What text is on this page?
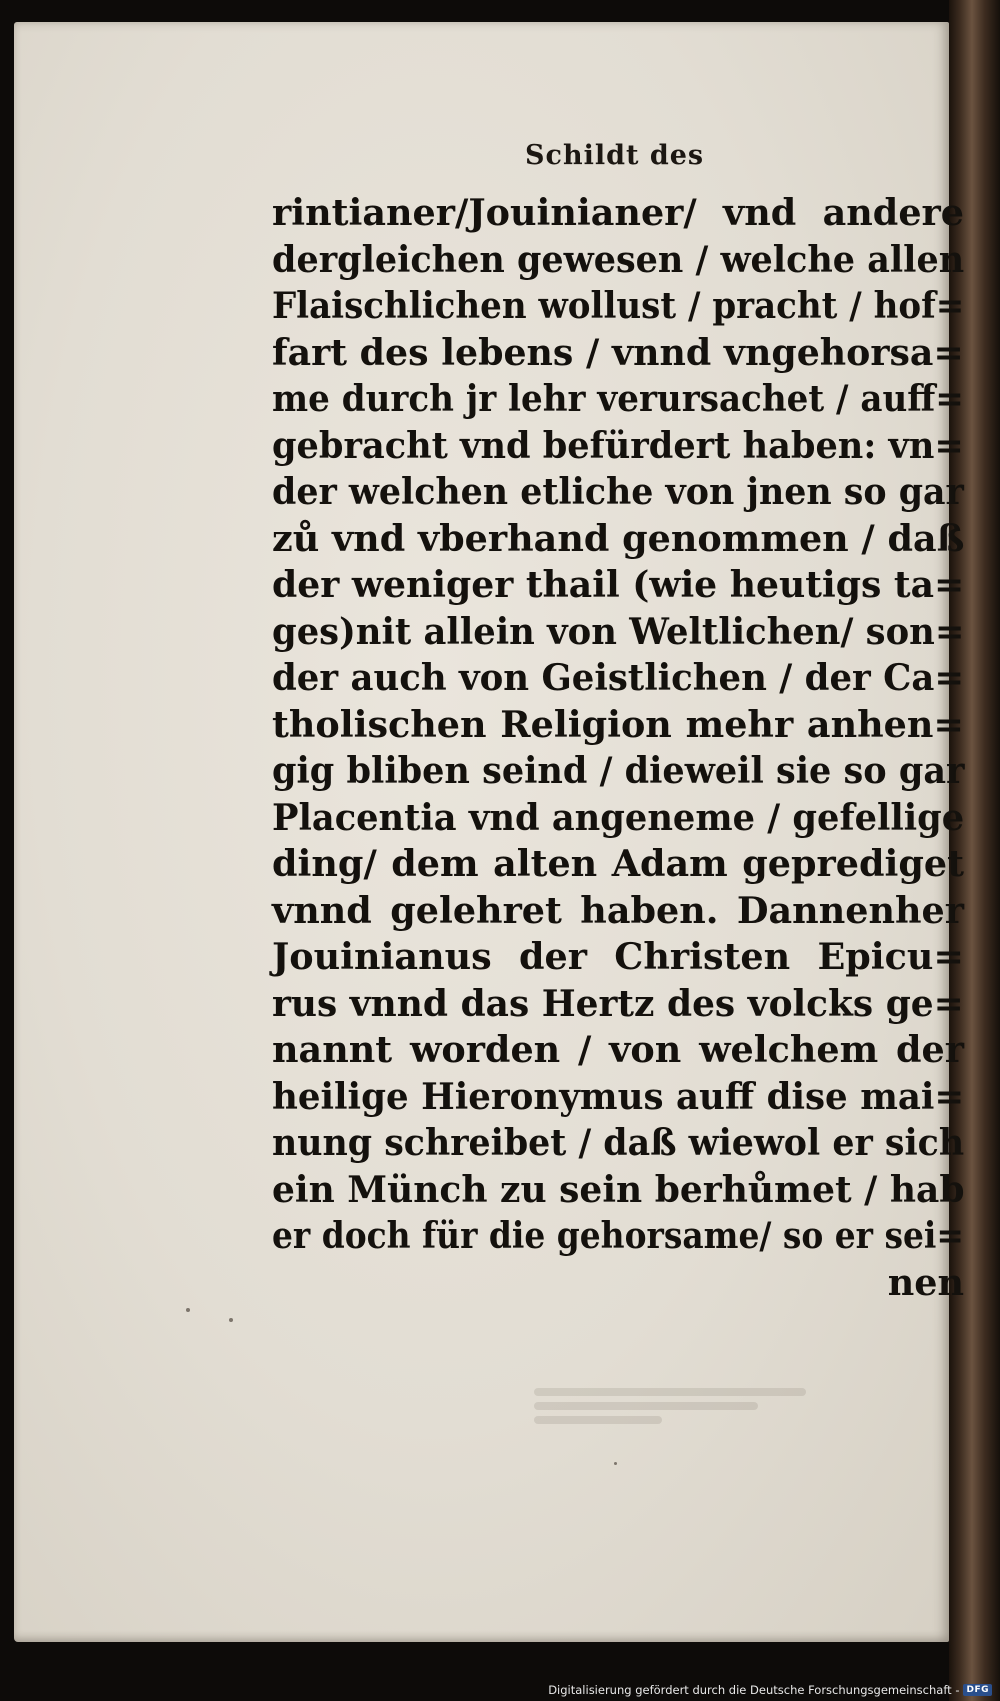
Schildt des
rintianer/Jouinianer/ vnd andere
dergleichen gewesen / welche allen
Flaischlichen wollust / pracht / hof=
fart des lebens / vnnd vngehorsa=
me durch jr lehr verursachet / auff=
gebracht vnd befürdert haben: vn=
der welchen etliche von jnen so gar
zů vnd vberhand genommen / daß
der weniger thail (wie heutigs ta=
ges)nit allein von Weltlichen/ son=
der auch von Geistlichen / der Ca=
tholischen Religion mehr anhen=
gig bliben seind / dieweil sie so gar
Placentia vnd angeneme / gefellige
ding/ dem alten Adam geprediget
vnnd gelehret haben. Dannenher
Jouinianus der Christen Epicu=
rus vnnd das Hertz des volcks ge=
nannt worden / von welchem der
heilige Hieronymus auff dise mai=
nung schreibet / daß wiewol er sich
ein Münch zu sein berhůmet / hab
er doch für die gehorsame/ so er sei=
nen
Digitalisierung gefördert durch die Deutsche Forschungsgemeinschaft - DFG
